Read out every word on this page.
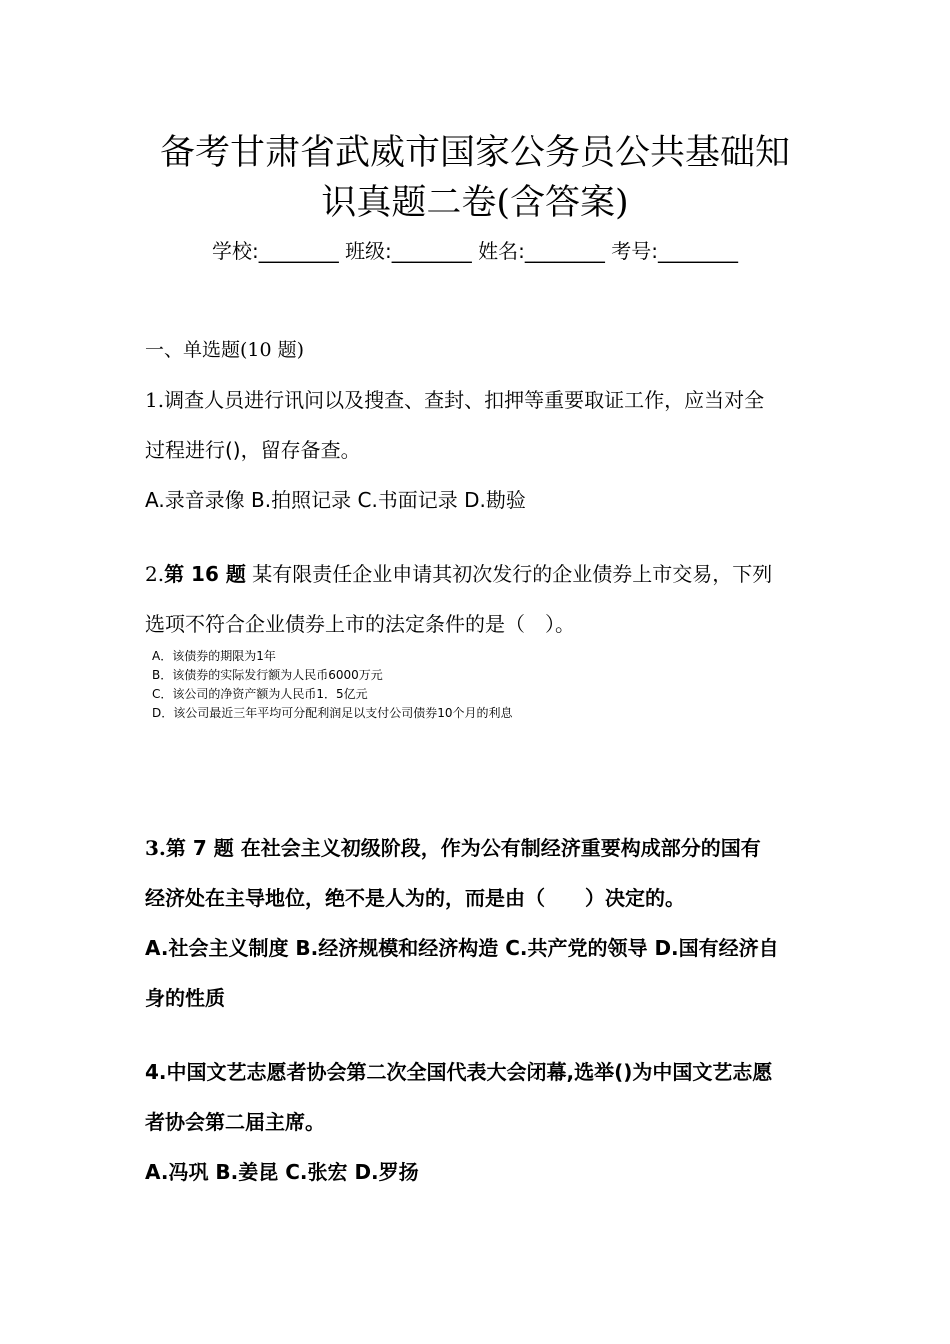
备考甘肃省武威市国家公务员公共基础知
识真题二卷(含答案)
学校:________ 班级:________ 姓名:________ 考号:________
一、单选题(10 题)
1.调查人员进行讯问以及搜查、查封、扣押等重要取证工作，应当对全
过程进行()，留存备查。
A.录音录像 B.拍照记录 C.书面记录 D.勘验
2.第 16 题 某有限责任企业申请其初次发行的企业债券上市交易，下列
选项不符合企业债券上市的法定条件的是（　）。
A．该债券的期限为1年
B．该债券的实际发行额为人民币6000万元
C．该公司的净资产额为人民币1．5亿元
D．该公司最近三年平均可分配利润足以支付公司债券10个月的利息
3.第 7 题 在社会主义初级阶段，作为公有制经济重要构成部分的国有
经济处在主导地位，绝不是人为的，而是由（　　）决定的。
A.社会主义制度 B.经济规模和经济构造 C.共产党的领导 D.国有经济自
身的性质
4.中国文艺志愿者协会第二次全国代表大会闭幕,选举()为中国文艺志愿
者协会第二届主席。
A.冯巩 B.姜昆 C.张宏 D.罗扬
